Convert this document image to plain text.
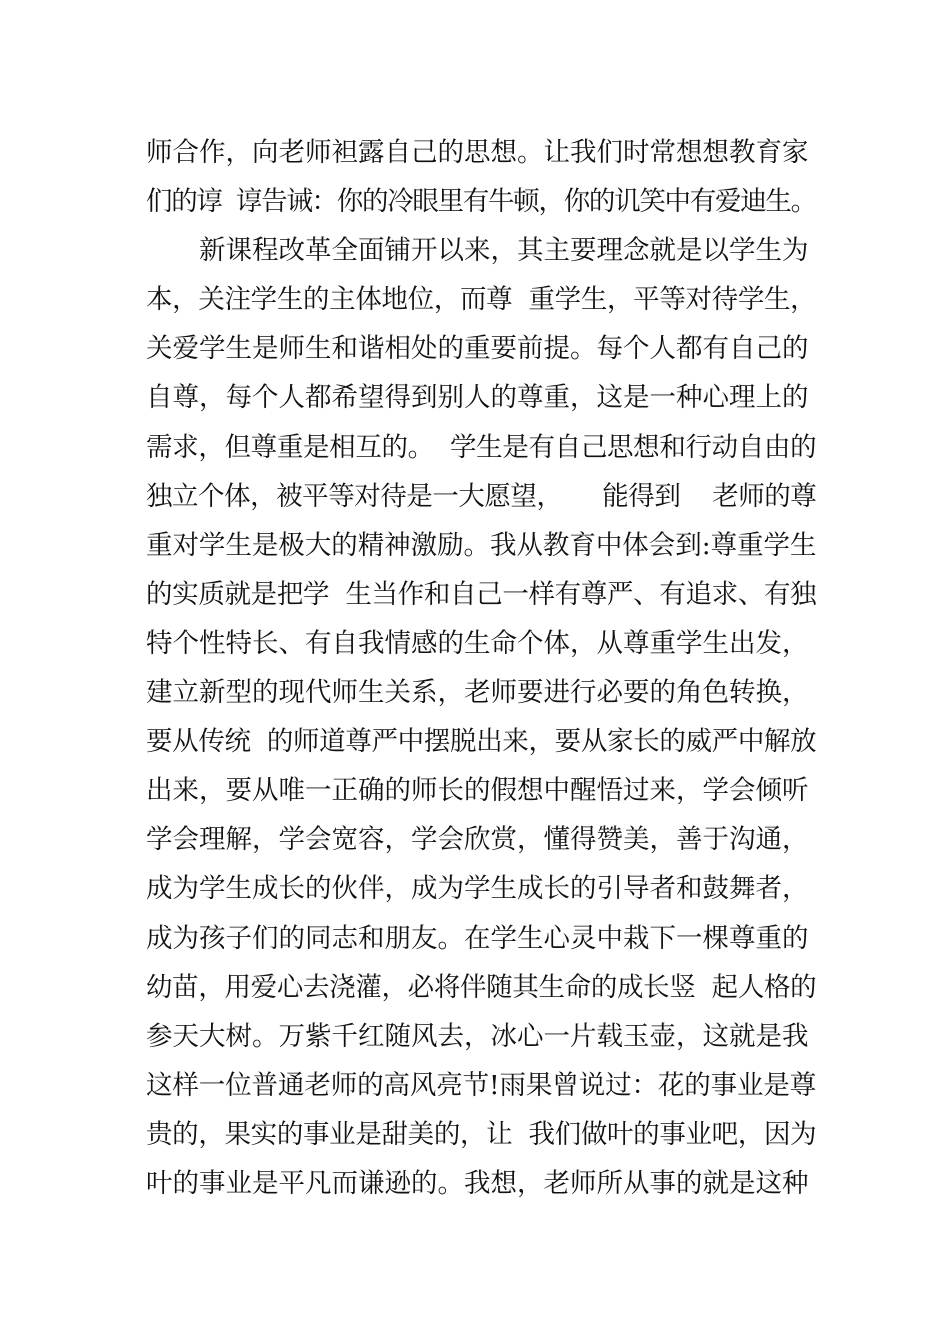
师合作，向老师袒露自己的思想。让我们时常想想教育家
们的谆  谆告诫：你的冷眼里有牛顿，你的讥笑中有爱迪生。
新课程改革全面铺开以来，其主要理念就是以学生为
本，关注学生的主体地位，而尊  重学生，平等对待学生，
关爱学生是师生和谐相处的重要前提。每个人都有自己的
自尊，每个人都希望得到别人的尊重，这是一种心理上的
需求，但尊重是相互的。  学生是有自己思想和行动自由的
独立个体，被平等对待是一大愿望，     能得到    老师的尊
重对学生是极大的精神激励。我从教育中体会到:尊重学生
的实质就是把学  生当作和自己一样有尊严、有追求、有独
特个性特长、有自我情感的生命个体，从尊重学生出发，
建立新型的现代师生关系，老师要进行必要的角色转换，
要从传统  的师道尊严中摆脱出来，要从家长的威严中解放
出来，要从唯一正确的师长的假想中醒悟过来，学会倾听
学会理解，学会宽容，学会欣赏，懂得赞美，善于沟通，
成为学生成长的伙伴，成为学生成长的引导者和鼓舞者，
成为孩子们的同志和朋友。在学生心灵中栽下一棵尊重的
幼苗，用爱心去浇灌，必将伴随其生命的成长竖  起人格的
参天大树。万紫千红随风去，冰心一片载玉壶，这就是我
这样一位普通老师的高风亮节!雨果曾说过：花的事业是尊
贵的，果实的事业是甜美的，让  我们做叶的事业吧，因为
叶的事业是平凡而谦逊的。我想，老师所从事的就是这种
